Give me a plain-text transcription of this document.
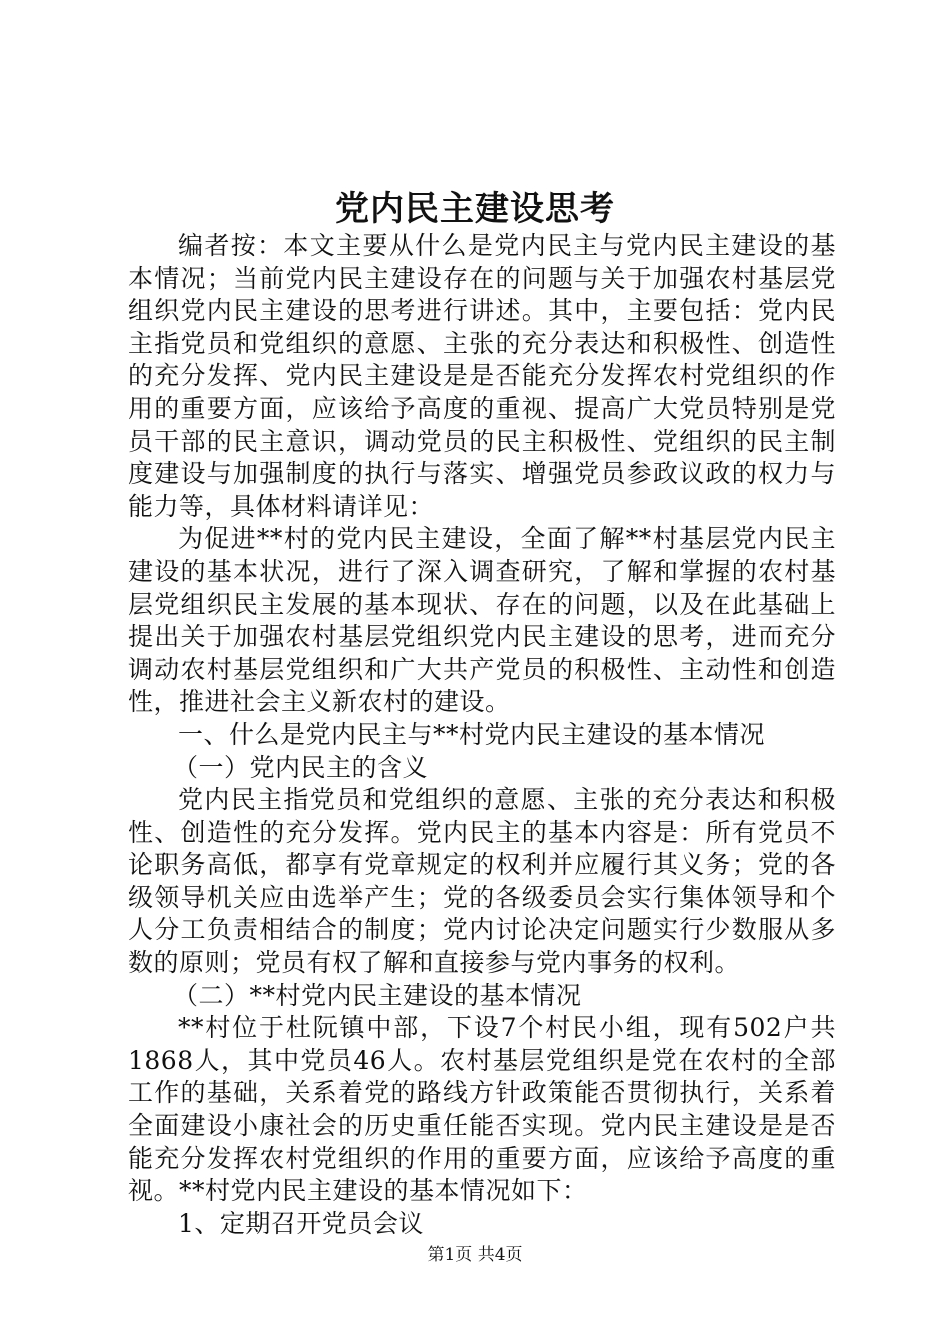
党内民主建设思考

编者按：本文主要从什么是党内民主与党内民主建设的基本情况；当前党内民主建设存在的问题与关于加强农村基层党组织党内民主建设的思考进行讲述。其中，主要包括：党内民主指党员和党组织的意愿、主张的充分表达和积极性、创造性的充分发挥、党内民主建设是是否能充分发挥农村党组织的作用的重要方面，应该给予高度的重视、提高广大党员特别是党员干部的民主意识，调动党员的民主积极性、党组织的民主制度建设与加强制度的执行与落实、增强党员参政议政的权力与能力等，具体材料请详见：

为促进**村的党内民主建设，全面了解**村基层党内民主建设的基本状况，进行了深入调查研究，了解和掌握的农村基层党组织民主发展的基本现状、存在的问题，以及在此基础上提出关于加强农村基层党组织党内民主建设的思考，进而充分调动农村基层党组织和广大共产党员的积极性、主动性和创造性，推进社会主义新农村的建设。

一、什么是党内民主与**村党内民主建设的基本情况

（一）党内民主的含义

党内民主指党员和党组织的意愿、主张的充分表达和积极性、创造性的充分发挥。党内民主的基本内容是：所有党员不论职务高低，都享有党章规定的权利并应履行其义务；党的各级领导机关应由选举产生；党的各级委员会实行集体领导和个人分工负责相结合的制度；党内讨论决定问题实行少数服从多数的原则；党员有权了解和直接参与党内事务的权利。

（二）**村党内民主建设的基本情况

**村位于杜阮镇中部，下设7个村民小组，现有502户共1868人，其中党员46人。农村基层党组织是党在农村的全部工作的基础，关系着党的路线方针政策能否贯彻执行，关系着全面建设小康社会的历史重任能否实现。党内民主建设是是否能充分发挥农村党组织的作用的重要方面，应该给予高度的重视。**村党内民主建设的基本情况如下：

1、定期召开党员会议

第1页 共4页
